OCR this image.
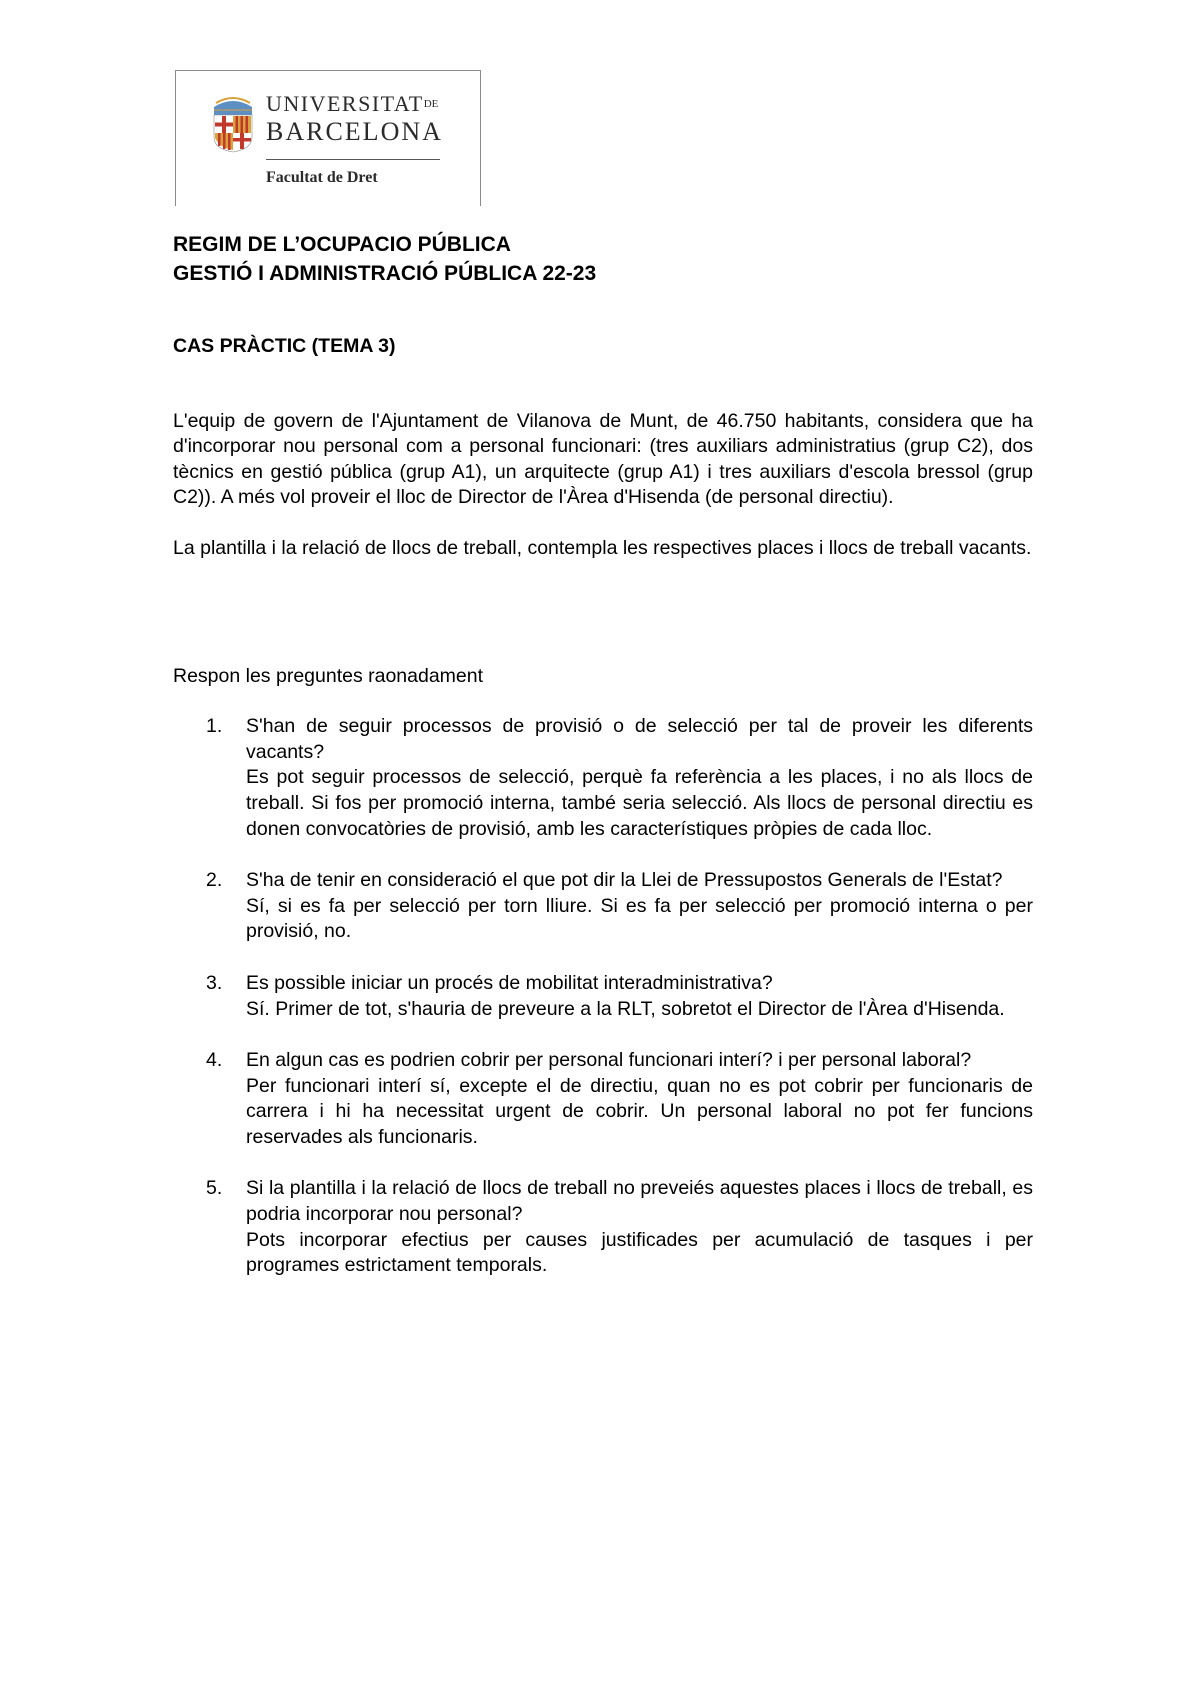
UNIVERSITATDE
BARCELONA
Facultat de Dret

REGIM DE L’OCUPACIO PÚBLICA

GESTIÓ I ADMINISTRACIÓ PÚBLICA 22-23

CAS PRÀCTIC (TEMA 3)

L'equip de govern de l'Ajuntament de Vilanova de Munt, de 46.750 habitants, considera que ha d'incorporar nou personal com a personal funcionari: (tres auxiliars administratius (grup C2), dos tècnics en gestió pública (grup A1), un arquitecte (grup A1) i tres auxiliars d'escola bressol (grup C2)). A més vol proveir el lloc de Director de l'Àrea d'Hisenda (de personal directiu).

La plantilla i la relació de llocs de treball, contempla les respectives places i llocs de treball vacants.

Respon les preguntes raonadament

1. S'han de seguir processos de provisió o de selecció per tal de proveir les diferents vacants?
Es pot seguir processos de selecció, perquè fa referència a les places, i no als llocs de treball. Si fos per promoció interna, també seria selecció. Als llocs de personal directiu es donen convocatòries de provisió, amb les característiques pròpies de cada lloc.
2. S'ha de tenir en consideració el que pot dir la Llei de Pressupostos Generals de l'Estat?
Sí, si es fa per selecció per torn lliure. Si es fa per selecció per promoció interna o per provisió, no.
3. Es possible iniciar un procés de mobilitat interadministrativa?
Sí. Primer de tot, s'hauria de preveure a la RLT, sobretot el Director de l'Àrea d'Hisenda.
4. En algun cas es podrien cobrir per personal funcionari interí? i per personal laboral?
Per funcionari interí sí, excepte el de directiu, quan no es pot cobrir per funcionaris de carrera i hi ha necessitat urgent de cobrir. Un personal laboral no pot fer funcions reservades als funcionaris.
5. Si la plantilla i la relació de llocs de treball no preveiés aquestes places i llocs de treball, es podria incorporar nou personal?
Pots incorporar efectius per causes justificades per acumulació de tasques i per programes estrictament temporals.
